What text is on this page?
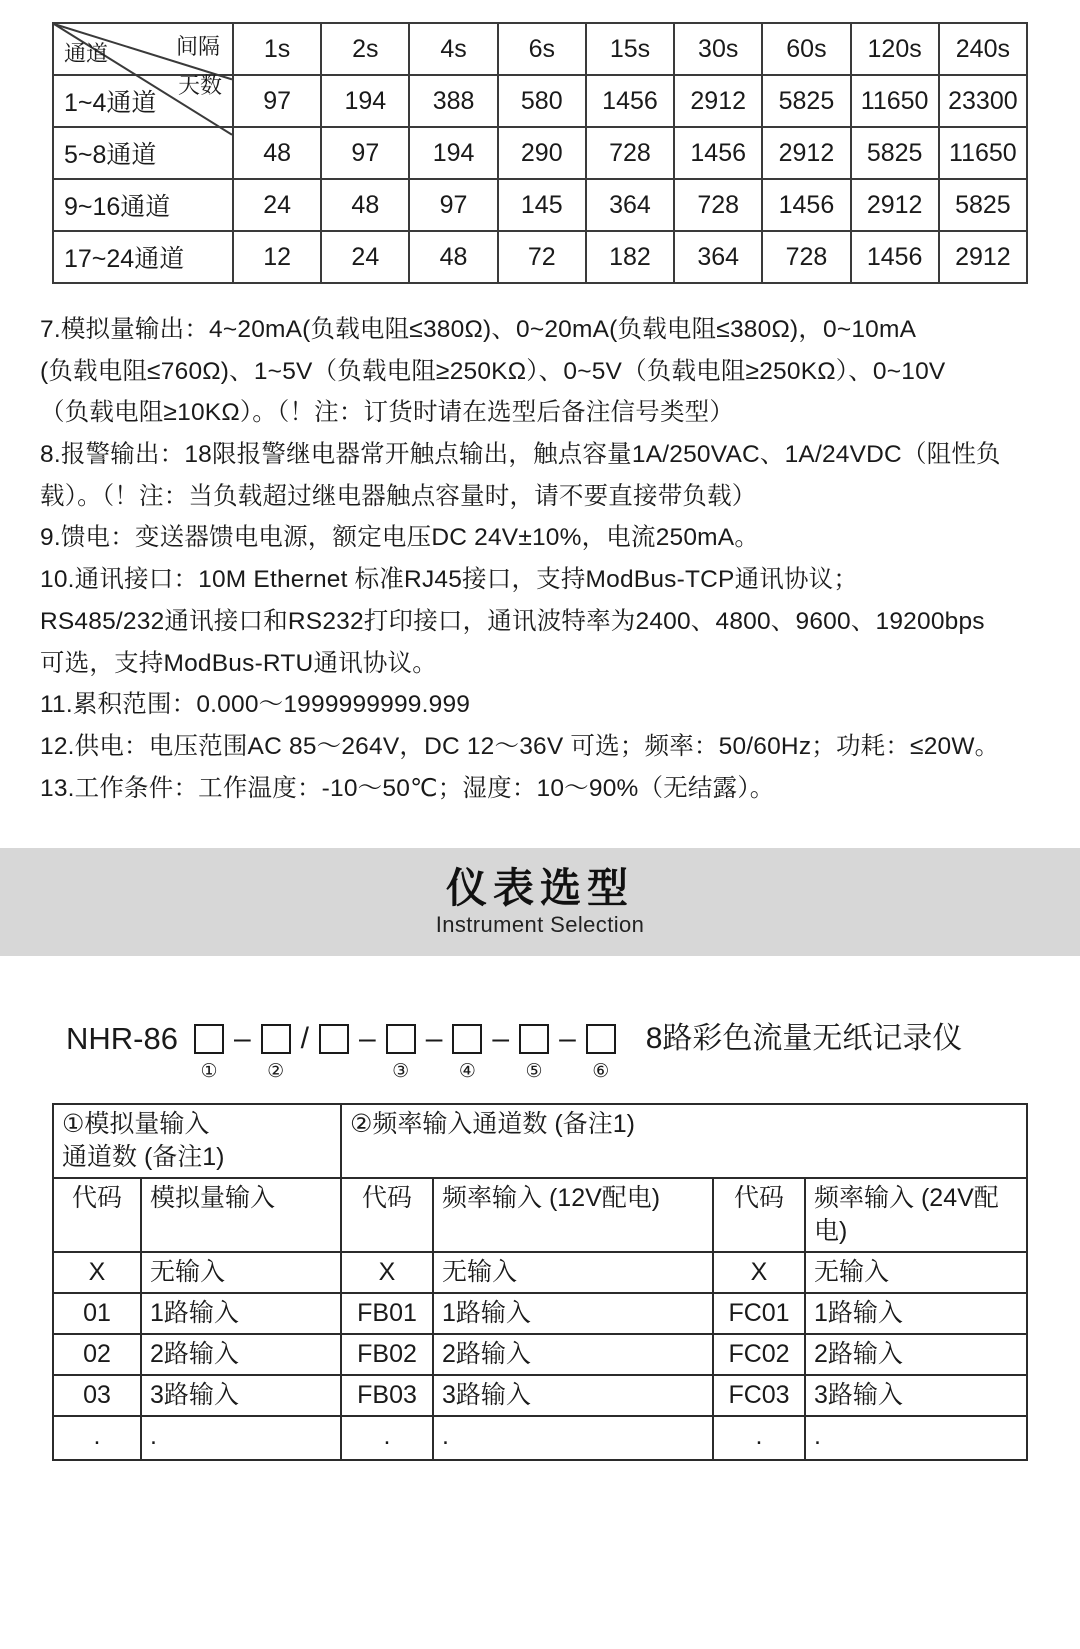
间隔
天数
通道	1s	2s	4s	6s	15s	30s	60s	120s	240s
1~4通道	97	194	388	580	1456	2912	5825	11650	23300
5~8通道	48	97	194	290	728	1456	2912	5825	11650
9~16通道	24	48	97	145	364	728	1456	2912	5825
17~24通道	12	24	48	72	182	364	728	1456	2912

7.模拟量输出：4~20mA(负载电阻≤380Ω)、0~20mA(负载电阻≤380Ω)，0~10mA

(负载电阻≤760Ω)、1~5V（负载电阻≥250KΩ）、0~5V（负载电阻≥250KΩ）、0~10V

（负载电阻≥10KΩ）。（！注：订货时请在选型后备注信号类型）

8.报警输出：18限报警继电器常开触点输出，触点容量1A/250VAC、1A/24VDC（阻性负

载）。（！注：当负载超过继电器触点容量时，请不要直接带负载）

9.馈电：变送器馈电电源，额定电压DC 24V±10%，电流250mA。

10.通讯接口：10M Ethernet 标准RJ45接口，支持ModBus-TCP通讯协议；

RS485/232通讯接口和RS232打印接口，通讯波特率为2400、4800、9600、19200bps

可选，支持ModBus-RTU通讯协议。

11.累积范围：0.000～1999999999.999

12.供电：电压范围AC 85～264V，DC 12～36V 可选；频率：50/60Hz；功耗：≤20W。

13.工作条件：工作温度：-10～50℃；湿度：10～90%（无结露）。

仪表选型
Instrument Selection
NHR-86
①
–
②
/ –
③
–
④
–
⑤
–
⑥
8路彩色流量无纸记录仪
①模拟量输入
通道数 (备注1)		②频率输入通道数 (备注1)			
代码	模拟量输入	代码	频率输入 (12V配电)	代码	频率输入 (24V配电)
X	无输入	X	无输入	X	无输入
01	1路输入	FB01	1路输入	FC01	1路输入
02	2路输入	FB02	2路输入	FC02	2路输入
03	3路输入	FB03	3路输入	FC03	3路输入
.	.	.	.	.	.
